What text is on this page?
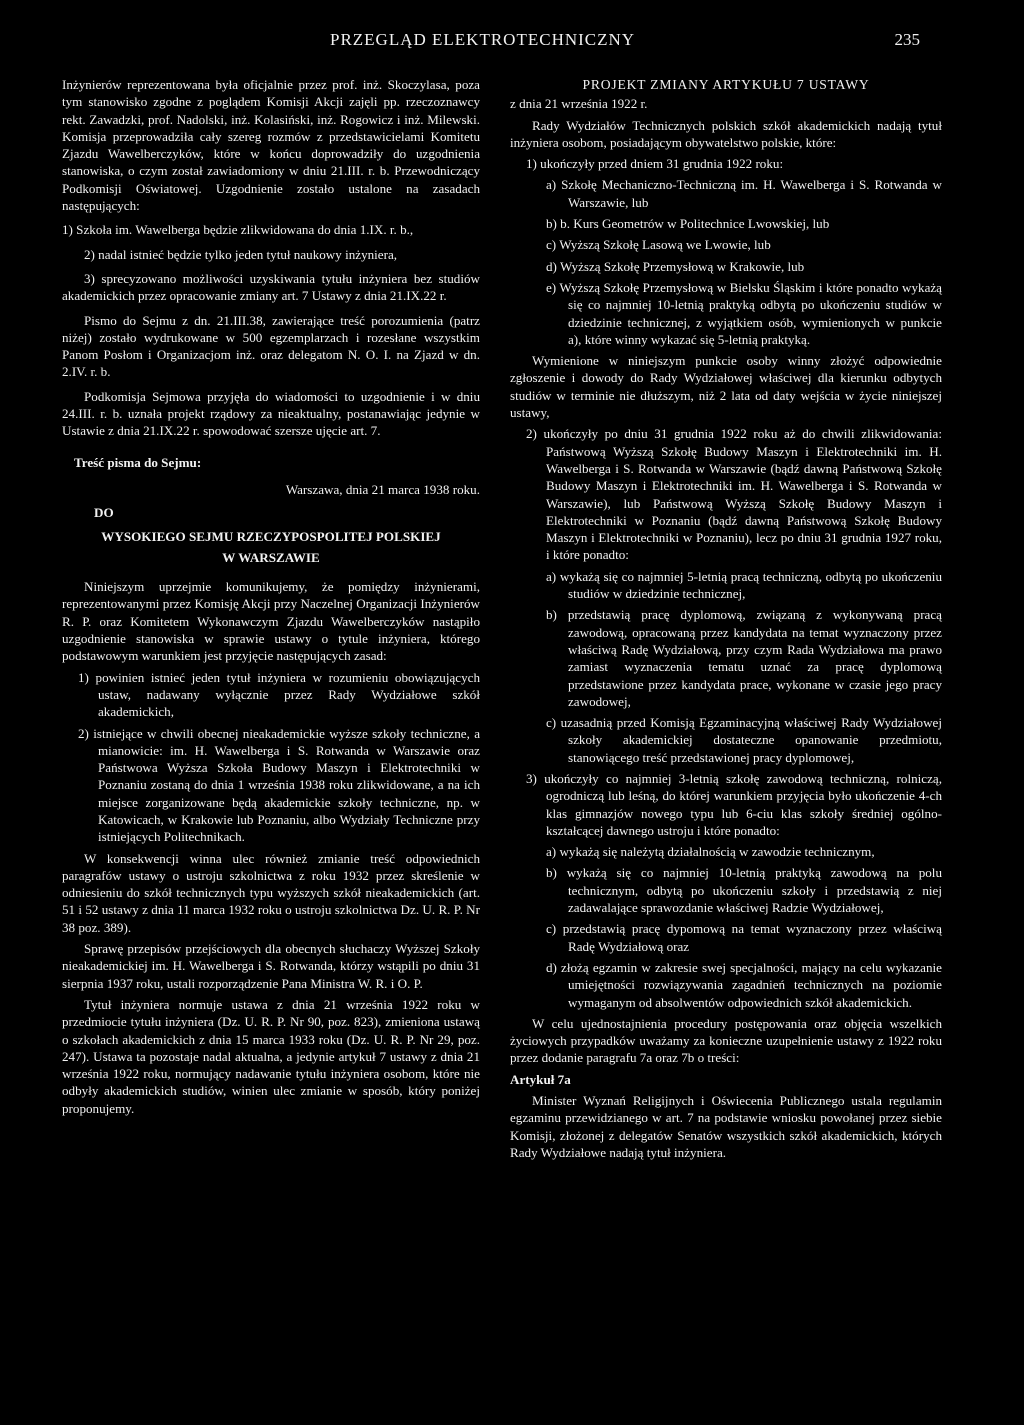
PRZEGLĄD ELEKTROTECHNICZNY	235

Inżynierów reprezentowana była oficjalnie przez prof. inż. Skoczylasa, poza tym stanowisko zgodne z poglądem Komisji Akcji zajęli pp. rzeczoznawcy rekt. Zawadzki, prof. Nadolski, inż. Kolasiński, inż. Rogowicz i inż. Milewski. Komisja przeprowadziła cały szereg rozmów z przedstawicielami Komitetu Zjazdu Wawelberczyków, które w końcu doprowadziły do uzgodnienia stanowiska, o czym został zawiadomiony w dniu 21.III. r. b. Przewodniczący Podkomisji Oświatowej. Uzgodnienie zostało ustalone na zasadach następujących:

1) Szkoła im. Wawelberga będzie zlikwidowana do dnia 1.IX. r. b.,

2) nadal istnieć będzie tylko jeden tytuł naukowy inżyniera,

3) sprecyzowano możliwości uzyskiwania tytułu inżyniera bez studiów akademickich przez opracowanie zmiany art. 7 Ustawy z dnia 21.IX.22 r.

Pismo do Sejmu z dn. 21.III.38, zawierające treść porozumienia (patrz niżej) zostało wydrukowane w 500 egzemplarzach i rozesłane wszystkim Panom Posłom i Organizacjom inż. oraz delegatom N. O. I. na Zjazd w dn. 2.IV. r. b.

Podkomisja Sejmowa przyjęła do wiadomości to uzgodnienie i w dniu 24.III. r. b. uznała projekt rządowy za nieaktualny, postanawiając jedynie w Ustawie z dnia 21.IX.22 r. spowodować szersze ujęcie art. 7.

Treść pisma do Sejmu:
Warszawa, dnia 21 marca 1938 roku.
DO
WYSOKIEGO SEJMU RZECZYPOSPOLITEJ POLSKIEJ
W WARSZAWIE

Niniejszym uprzejmie komunikujemy, że pomiędzy inżynierami, reprezentowanymi przez Komisję Akcji przy Naczelnej Organizacji Inżynierów R. P. oraz Komitetem Wykonawczym Zjazdu Wawelberczyków nastąpiło uzgodnienie stanowiska w sprawie ustawy o tytule inżyniera, którego podstawowym warunkiem jest przyjęcie następujących zasad:

1) powinien istnieć jeden tytuł inżyniera w rozumieniu obowiązujących ustaw, nadawany wyłącznie przez Rady Wydziałowe szkół akademickich,

2) istniejące w chwili obecnej nieakademickie wyższe szkoły techniczne, a mianowicie: im. H. Wawelberga i S. Rotwanda w Warszawie oraz Państwowa Wyższa Szkoła Budowy Maszyn i Elektrotechniki w Poznaniu zostaną do dnia 1 września 1938 roku zlikwidowane, a na ich miejsce zorganizowane będą akademickie szkoły techniczne, np. w Katowicach, w Krakowie lub Poznaniu, albo Wydziały Techniczne przy istniejących Politechnikach.

W konsekwencji winna ulec również zmianie treść odpowiednich paragrafów ustawy o ustroju szkolnictwa z roku 1932 przez skreślenie w odniesieniu do szkół technicznych typu wyższych szkół nieakademickich (art. 51 i 52 ustawy z dnia 11 marca 1932 roku o ustroju szkolnictwa Dz. U. R. P. Nr 38 poz. 389).

Sprawę przepisów przejściowych dla obecnych słuchaczy Wyższej Szkoły nieakademickiej im. H. Wawelberga i S. Rotwanda, którzy wstąpili po dniu 31 sierpnia 1937 roku, ustali rozporządzenie Pana Ministra W. R. i O. P.

Tytuł inżyniera normuje ustawa z dnia 21 września 1922 roku w przedmiocie tytułu inżyniera (Dz. U. R. P. Nr 90, poz. 823), zmieniona ustawą o szkołach akademickich z dnia 15 marca 1933 roku (Dz. U. R. P. Nr 29, poz. 247). Ustawa ta pozostaje nadal aktualna, a jedynie artykuł 7 ustawy z dnia 21 września 1922 roku, normujący nadawanie tytułu inżyniera osobom, które nie odbyły akademickich studiów, winien ulec zmianie w sposób, który poniżej proponujemy.

PROJEKT ZMIANY ARTYKUŁU 7 USTAWY

z dnia 21 września 1922 r.

Rady Wydziałów Technicznych polskich szkół akademickich nadają tytuł inżyniera osobom, posiadającym obywatelstwo polskie, które:

1) ukończyły przed dniem 31 grudnia 1922 roku:

a) Szkołę Mechaniczno-Techniczną im. H. Wawelberga i S. Rotwanda w Warszawie, lub

b) b. Kurs Geometrów w Politechnice Lwowskiej, lub

c) Wyższą Szkołę Lasową we Lwowie, lub

d) Wyższą Szkołę Przemysłową w Krakowie, lub

e) Wyższą Szkołę Przemysłową w Bielsku Śląskim i które ponadto wykażą się co najmniej 10-letnią praktyką odbytą po ukończeniu studiów w dziedzinie technicznej, z wyjątkiem osób, wymienionych w punkcie a), które winny wykazać się 5-letnią praktyką.

Wymienione w niniejszym punkcie osoby winny złożyć odpowiednie zgłoszenie i dowody do Rady Wydziałowej właściwej dla kierunku odbytych studiów w terminie nie dłuższym, niż 2 lata od daty wejścia w życie niniejszej ustawy,

2) ukończyły po dniu 31 grudnia 1922 roku aż do chwili zlikwidowania: Państwową Wyższą Szkołę Budowy Maszyn i Elektrotechniki im. H. Wawelberga i S. Rotwanda w Warszawie (bądź dawną Państwową Szkołę Budowy Maszyn i Elektrotechniki im. H. Wawelberga i S. Rotwanda w Warszawie), lub Państwową Wyższą Szkołę Budowy Maszyn i Elektrotechniki w Poznaniu (bądź dawną Państwową Szkołę Budowy Maszyn i Elektrotechniki w Poznaniu), lecz po dniu 31 grudnia 1927 roku, i które ponadto:

a) wykażą się co najmniej 5-letnią pracą techniczną, odbytą po ukończeniu studiów w dziedzinie technicznej,

b) przedstawią pracę dyplomową, związaną z wykonywaną pracą zawodową, opracowaną przez kandydata na temat wyznaczony przez właściwą Radę Wydziałową, przy czym Rada Wydziałowa ma prawo zamiast wyznaczenia tematu uznać za pracę dyplomową przedstawione przez kandydata prace, wykonane w czasie jego pracy zawodowej,

c) uzasadnią przed Komisją Egzaminacyjną właściwej Rady Wydziałowej szkoły akademickiej dostateczne opanowanie przedmiotu, stanowiącego treść przedstawionej pracy dyplomowej,

3) ukończyły co najmniej 3-letnią szkołę zawodową techniczną, rolniczą, ogrodniczą lub leśną, do której warunkiem przyjęcia było ukończenie 4-ch klas gimnazjów nowego typu lub 6-ciu klas szkoły średniej ogólno-kształcącej dawnego ustroju i które ponadto:

a) wykażą się należytą działalnością w zawodzie technicznym,

b) wykażą się co najmniej 10-letnią praktyką zawodową na polu technicznym, odbytą po ukończeniu szkoły i przedstawią z niej zadawalające sprawozdanie właściwej Radzie Wydziałowej,

c) przedstawią pracę dypomową na temat wyznaczony przez właściwą Radę Wydziałową oraz

d) złożą egzamin w zakresie swej specjalności, mający na celu wykazanie umiejętności rozwiązywania zagadnień technicznych na poziomie wymaganym od absolwentów odpowiednich szkół akademickich.

W celu ujednostajnienia procedury postępowania oraz objęcia wszelkich życiowych przypadków uważamy za konieczne uzupełnienie ustawy z 1922 roku przez dodanie paragrafu 7a oraz 7b o treści:

Artykuł 7a

Minister Wyznań Religijnych i Oświecenia Publicznego ustala regulamin egzaminu przewidzianego w art. 7 na podstawie wniosku powołanej przez siebie Komisji, złożonej z delegatów Senatów wszystkich szkół akademickich, których Rady Wydziałowe nadają tytuł inżyniera.
